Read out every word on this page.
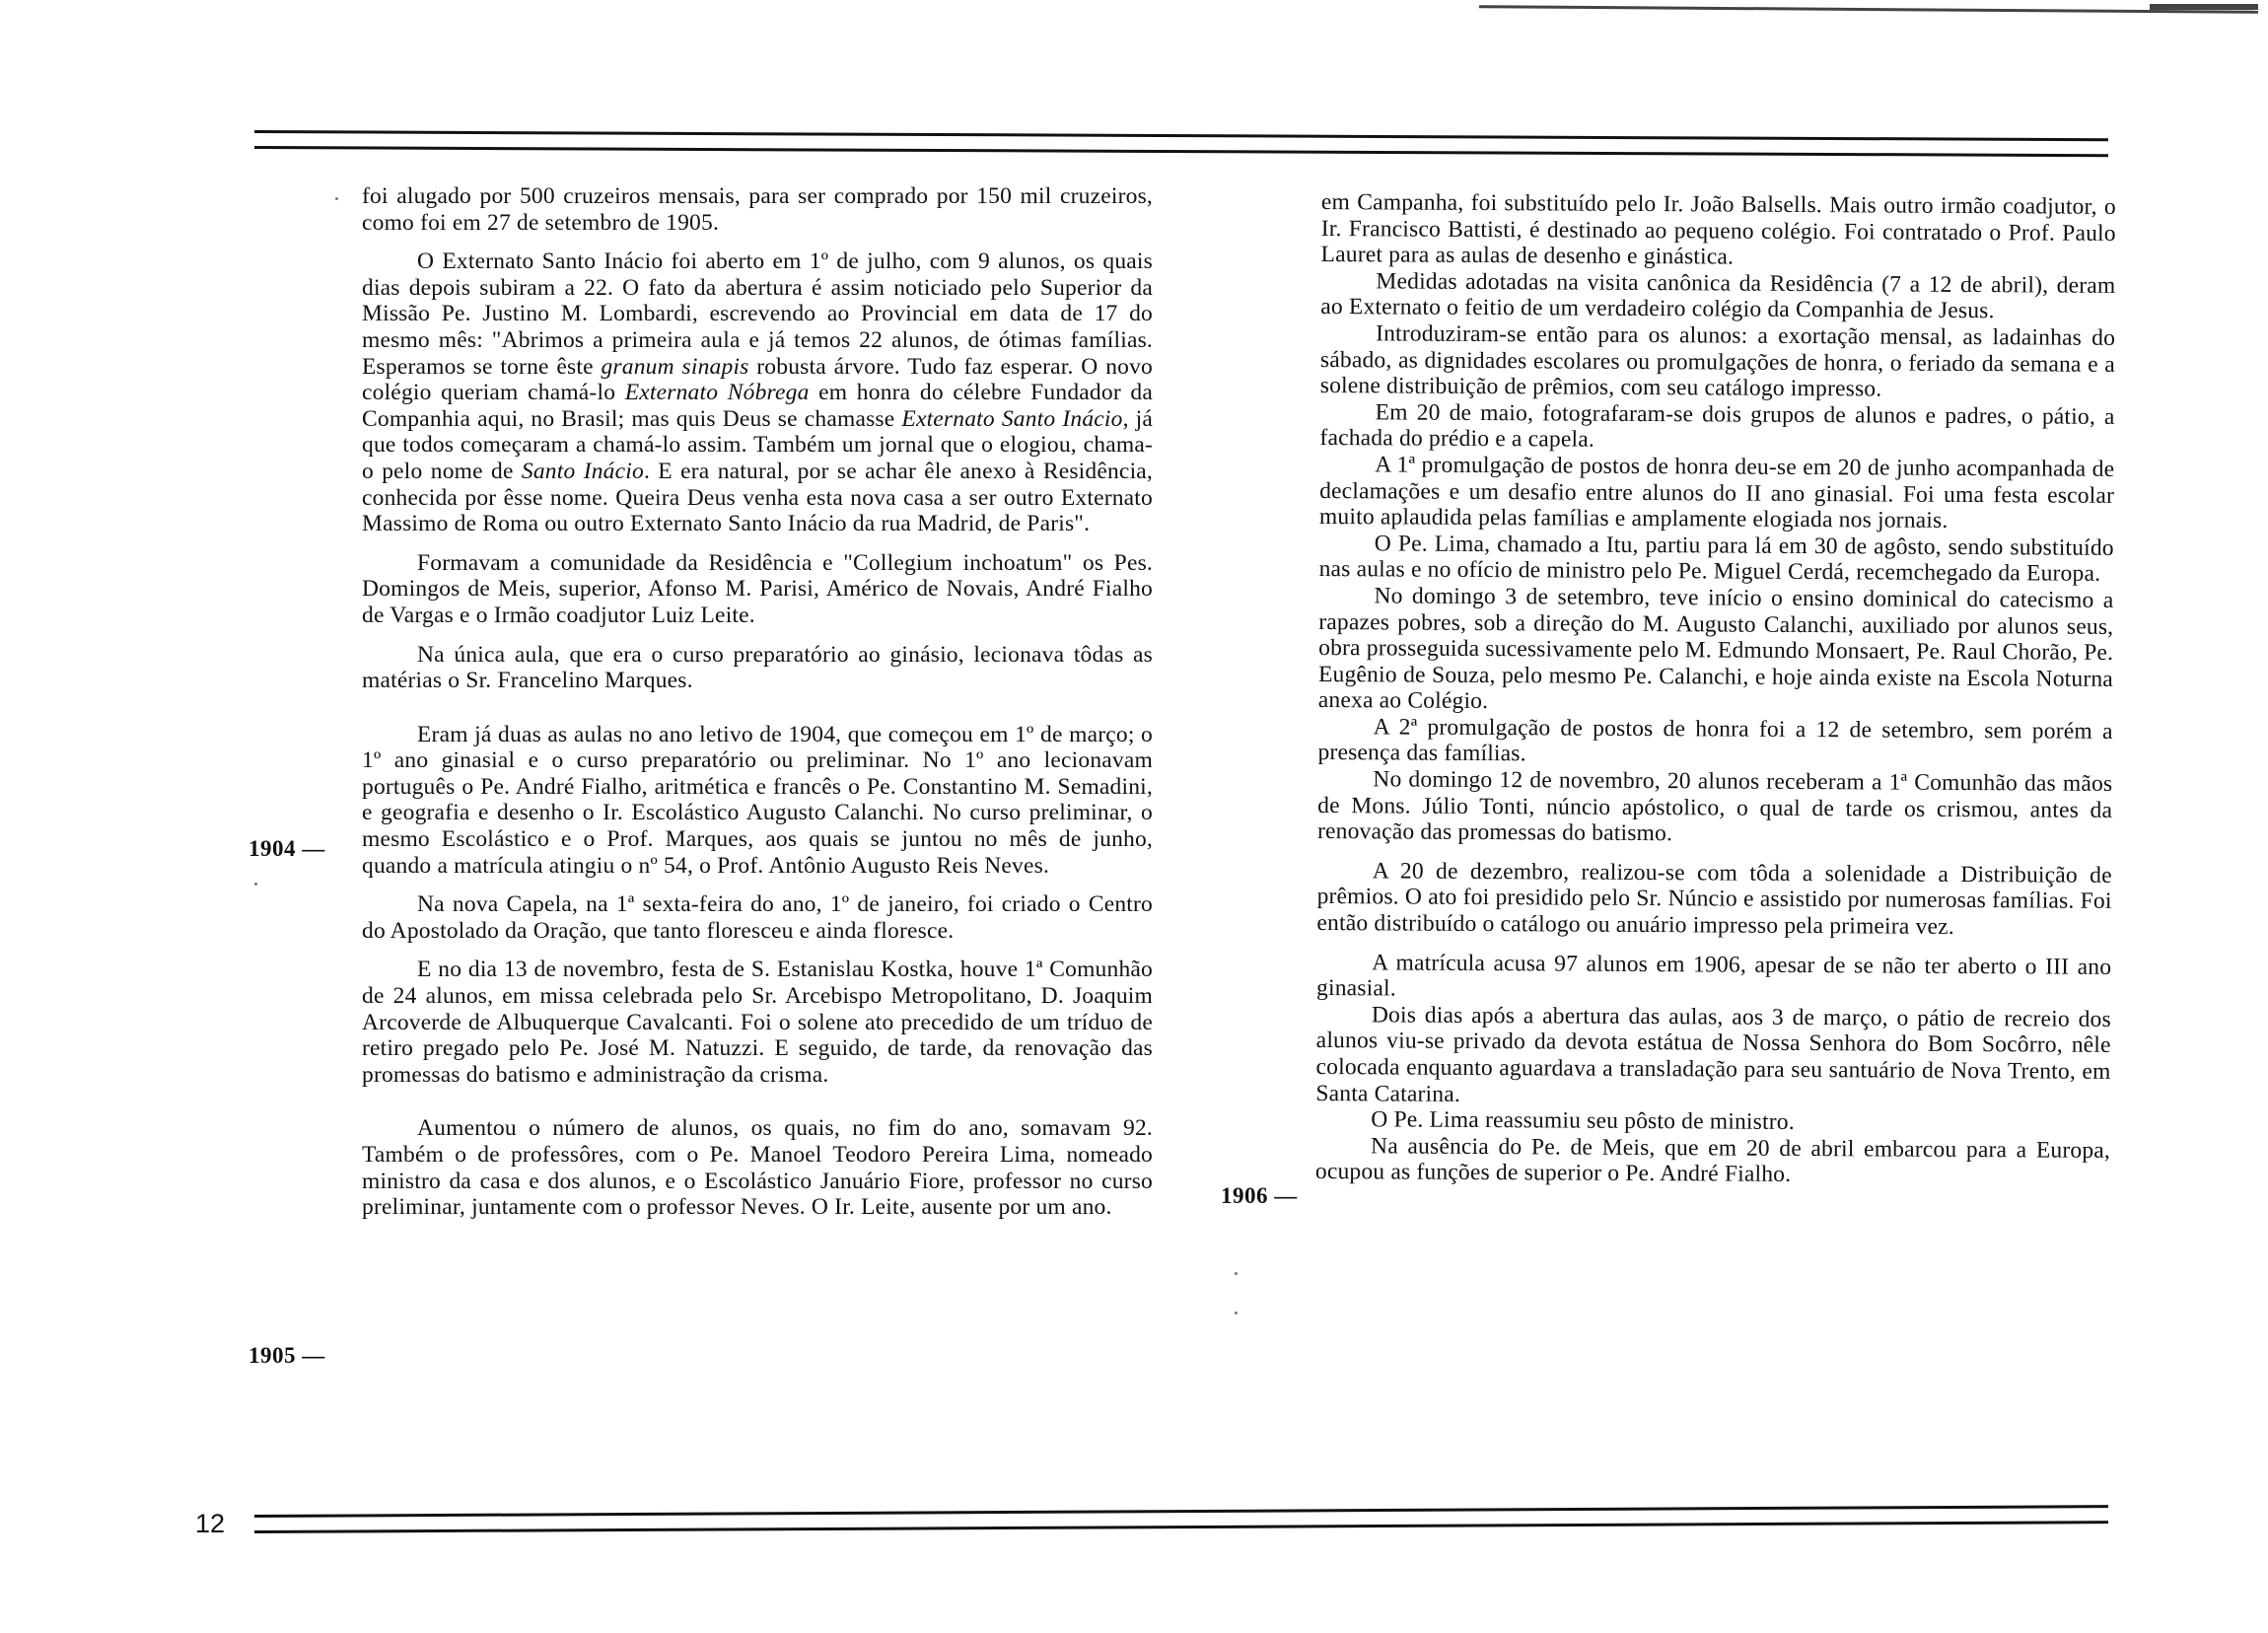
foi alugado por 500 cruzeiros mensais, para ser comprado por 150 mil cruzeiros, como foi em 27 de setembro de 1905.

O Externato Santo Inácio foi aberto em 1º de julho, com 9 alunos, os quais dias depois subiram a 22. O fato da abertura é assim noticiado pelo Superior da Missão Pe. Justino M. Lombardi, escrevendo ao Provincial em data de 17 do mesmo mês: "Abrimos a primeira aula e já temos 22 alunos, de ótimas famílias. Esperamos se torne êste granum sinapis robusta árvore. Tudo faz esperar. O novo colégio queriam chamá-lo Externato Nóbrega em honra do célebre Fundador da Companhia aqui, no Brasil; mas quis Deus se chamasse Externato Santo Inácio, já que todos começaram a chamá-lo assim. Também um jornal que o elogiou, chama-o pelo nome de Santo Inácio. E era natural, por se achar êle anexo à Residência, conhecida por êsse nome. Queira Deus venha esta nova casa a ser outro Externato Massimo de Roma ou outro Externato Santo Inácio da rua Madrid, de Paris".

Formavam a comunidade da Residência e "Collegium inchoatum" os Pes. Domingos de Meis, superior, Afonso M. Parisi, Américo de Novais, André Fialho de Vargas e o Irmão coadjutor Luiz Leite.

Na única aula, que era o curso preparatório ao ginásio, lecionava tôdas as matérias o Sr. Francelino Marques.

Eram já duas as aulas no ano letivo de 1904, que começou em 1º de março; o 1º ano ginasial e o curso preparatório ou preliminar. No 1º ano lecionavam português o Pe. André Fialho, aritmética e francês o Pe. Constantino M. Semadini, e geografia e desenho o Ir. Escolástico Augusto Calanchi. No curso preliminar, o mesmo Escolástico e o Prof. Marques, aos quais se juntou no mês de junho, quando a matrícula atingiu o nº 54, o Prof. Antônio Augusto Reis Neves.

Na nova Capela, na 1ª sexta-feira do ano, 1º de janeiro, foi criado o Centro do Apostolado da Oração, que tanto floresceu e ainda floresce.

E no dia 13 de novembro, festa de S. Estanislau Kostka, houve 1ª Comunhão de 24 alunos, em missa celebrada pelo Sr. Arcebispo Metropolitano, D. Joaquim Arcoverde de Albuquerque Cavalcanti. Foi o solene ato precedido de um tríduo de retiro pregado pelo Pe. José M. Natuzzi. E seguido, de tarde, da renovação das promessas do batismo e administração da crisma.

Aumentou o número de alunos, os quais, no fim do ano, somavam 92. Também o de professôres, com o Pe. Manoel Teodoro Pereira Lima, nomeado ministro da casa e dos alunos, e o Escolástico Januário Fiore, professor no curso preliminar, juntamente com o professor Neves. O Ir. Leite, ausente por um ano.

1904 —
1905 —

em Campanha, foi substituído pelo Ir. João Balsells. Mais outro irmão coadjutor, o Ir. Francisco Battisti, é destinado ao pequeno colégio. Foi contratado o Prof. Paulo Lauret para as aulas de desenho e ginástica.

Medidas adotadas na visita canônica da Residência (7 a 12 de abril), deram ao Externato o feitio de um verdadeiro colégio da Companhia de Jesus.

Introduziram-se então para os alunos: a exortação mensal, as ladainhas do sábado, as dignidades escolares ou promulgações de honra, o feriado da semana e a solene distribuição de prêmios, com seu catálogo impresso.

Em 20 de maio, fotografaram-se dois grupos de alunos e padres, o pátio, a fachada do prédio e a capela.

A 1ª promulgação de postos de honra deu-se em 20 de junho acompanhada de declamações e um desafio entre alunos do II ano ginasial. Foi uma festa escolar muito aplaudida pelas famílias e amplamente elogiada nos jornais.

O Pe. Lima, chamado a Itu, partiu para lá em 30 de agôsto, sendo substituído nas aulas e no ofício de ministro pelo Pe. Miguel Cerdá, recemchegado da Europa.

No domingo 3 de setembro, teve início o ensino dominical do catecismo a rapazes pobres, sob a direção do M. Augusto Calanchi, auxiliado por alunos seus, obra prosseguida sucessivamente pelo M. Edmundo Monsaert, Pe. Raul Chorão, Pe. Eugênio de Souza, pelo mesmo Pe. Calanchi, e hoje ainda existe na Escola Noturna anexa ao Colégio.

A 2ª promulgação de postos de honra foi a 12 de setembro, sem porém a presença das famílias.

No domingo 12 de novembro, 20 alunos receberam a 1ª Comunhão das mãos de Mons. Júlio Tonti, núncio apóstolico, o qual de tarde os crismou, antes da renovação das promessas do batismo.

A 20 de dezembro, realizou-se com tôda a solenidade a Distribuição de prêmios. O ato foi presidido pelo Sr. Núncio e assistido por numerosas famílias. Foi então distribuído o catálogo ou anuário impresso pela primeira vez.

A matrícula acusa 97 alunos em 1906, apesar de se não ter aberto o III ano ginasial.

Dois dias após a abertura das aulas, aos 3 de março, o pátio de recreio dos alunos viu-se privado da devota estátua de Nossa Senhora do Bom Socôrro, nêle colocada enquanto aguardava a transladação para seu santuário de Nova Trento, em Santa Catarina.

O Pe. Lima reassumiu seu pôsto de ministro.

Na ausência do Pe. de Meis, que em 20 de abril embarcou para a Europa, ocupou as funções de superior o Pe. André Fialho.

1906 —
12
